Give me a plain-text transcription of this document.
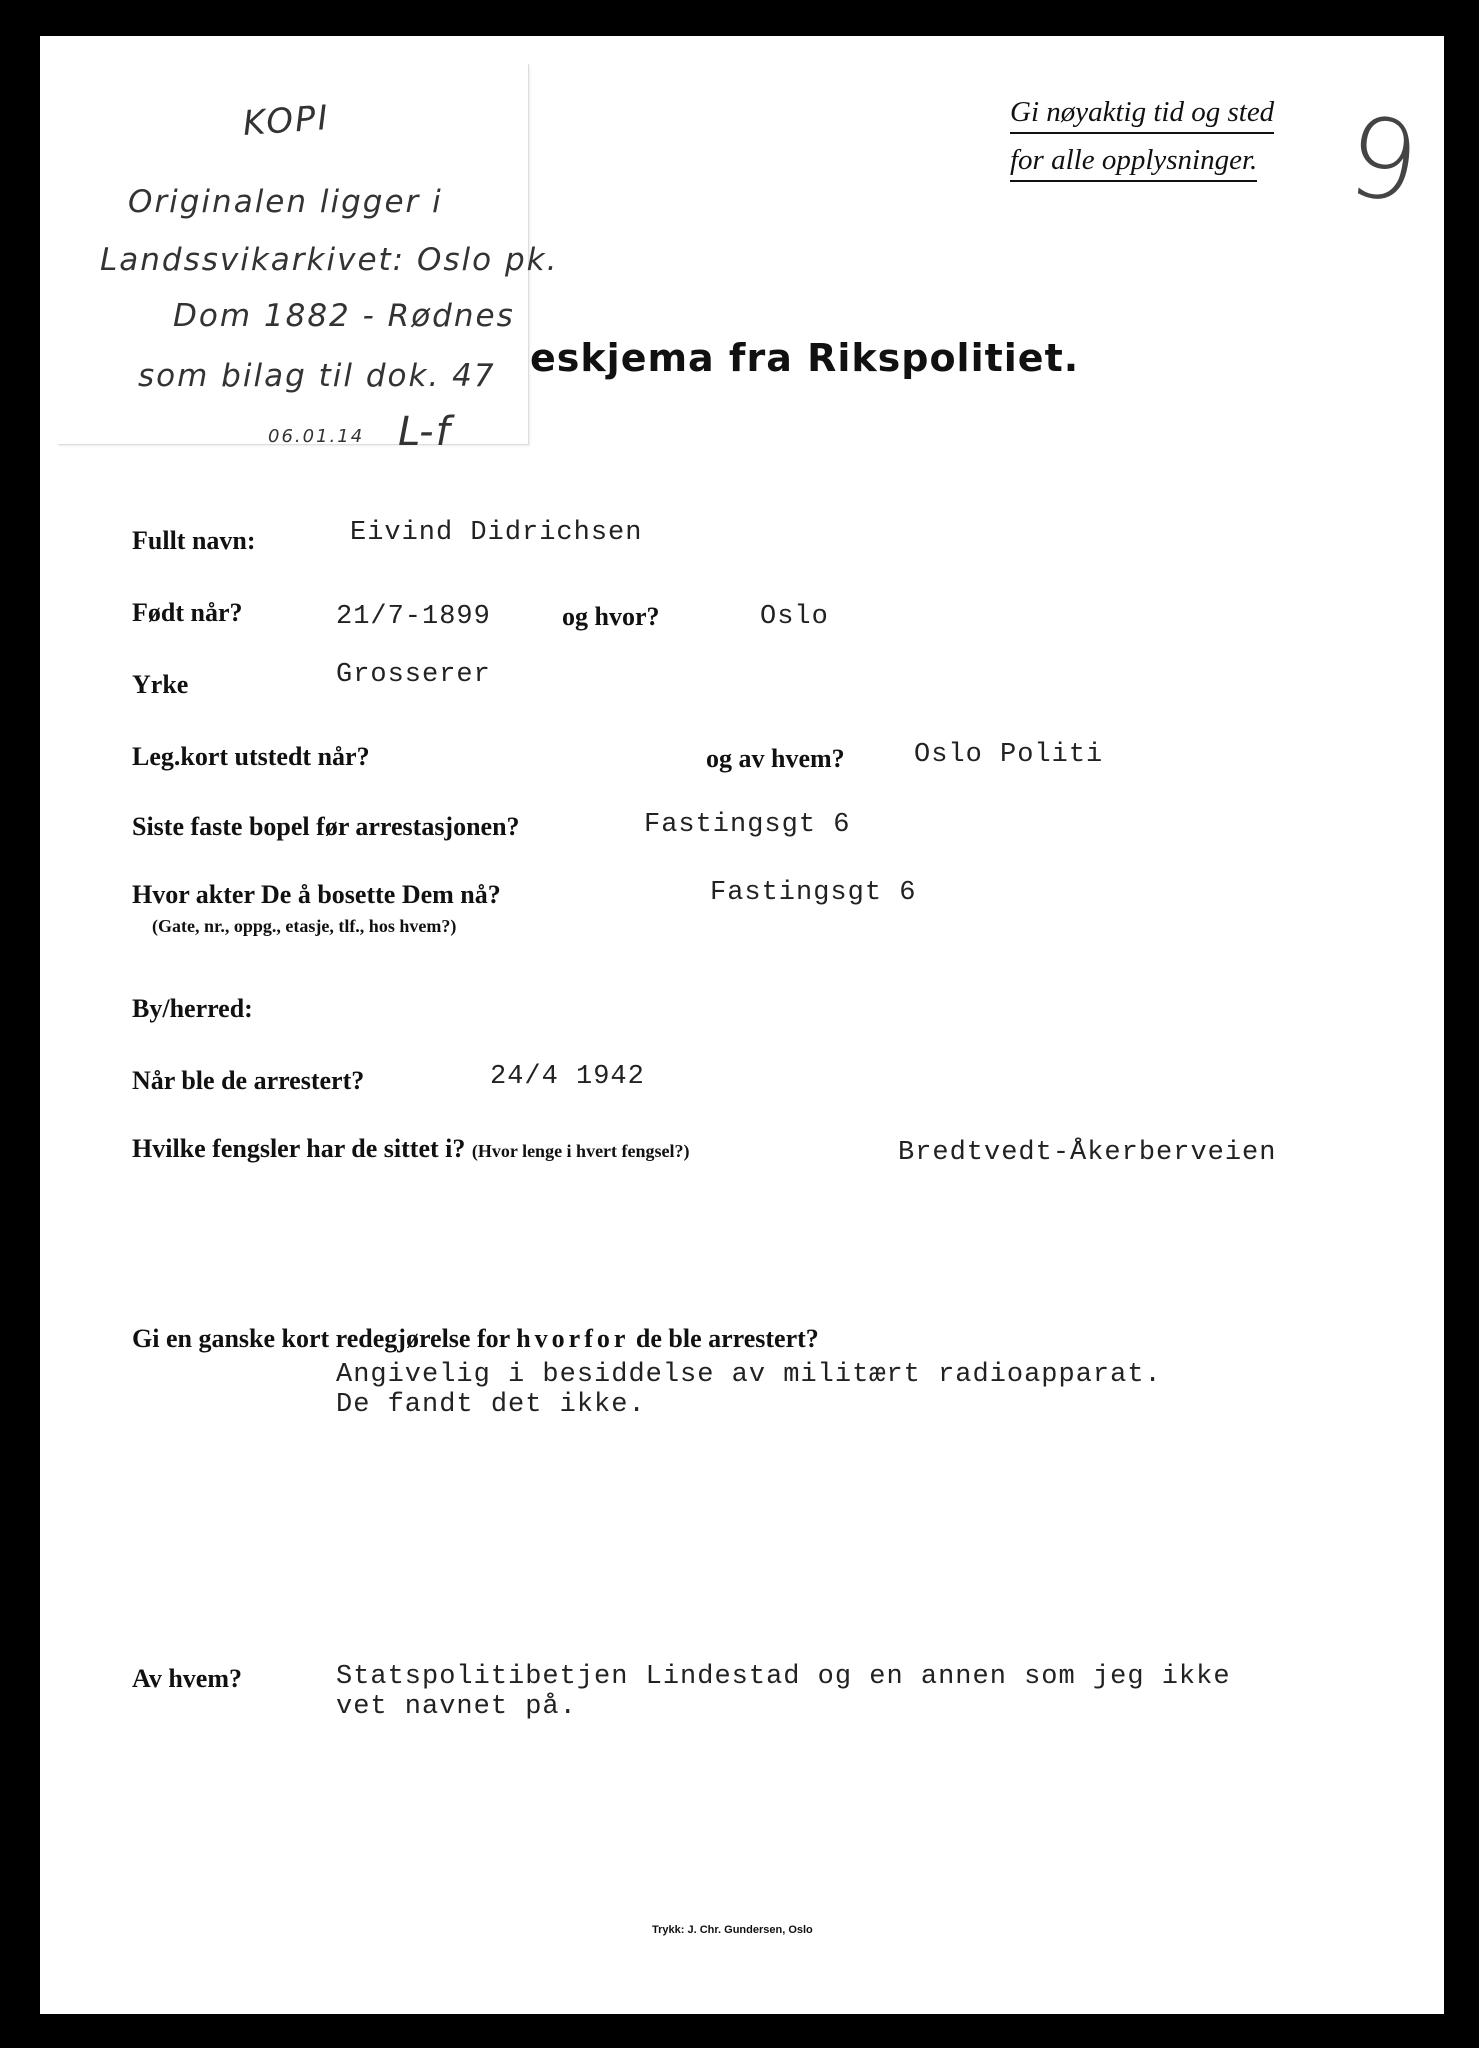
KOPI
Originalen ligger i
Landssvikarkivet: Oslo pk.
Dom 1882 - Rødnes
som bilag til dok. 47
06.01.14 L-f
Gi nøyaktig tid og sted
for alle opplysninger. 9
eskjema fra Rikspolitiet.
Fullt navn:	Eivind Didrichsen
Født når?	21/7-1899	og hvor?	Oslo
Yrke	Grosserer
Leg.kort utstedt når?	og av hvem?	Oslo Politi
Siste faste bopel før arrestasjonen?	Fastingsgt 6
Hvor akter De å bosette Dem nå?	Fastingsgt 6
(Gate, nr., oppg., etasje, tlf., hos hvem?)
By/herred:
Når ble de arrestert?	24/4 1942
Hvilke fengsler har de sittet i? (Hvor lenge i hvert fengsel?)	Bredtvedt-Åkerberveien
Gi en ganske kort redegjørelse for hvorfor de ble arrestert?
Angivelig i besiddelse av militært radioapparat.
De fandt det ikke.
Av hvem?	Statspolitibetjen Lindestad og en annen som jeg ikke
vet navnet på.
Trykk: J. Chr. Gundersen, Oslo
